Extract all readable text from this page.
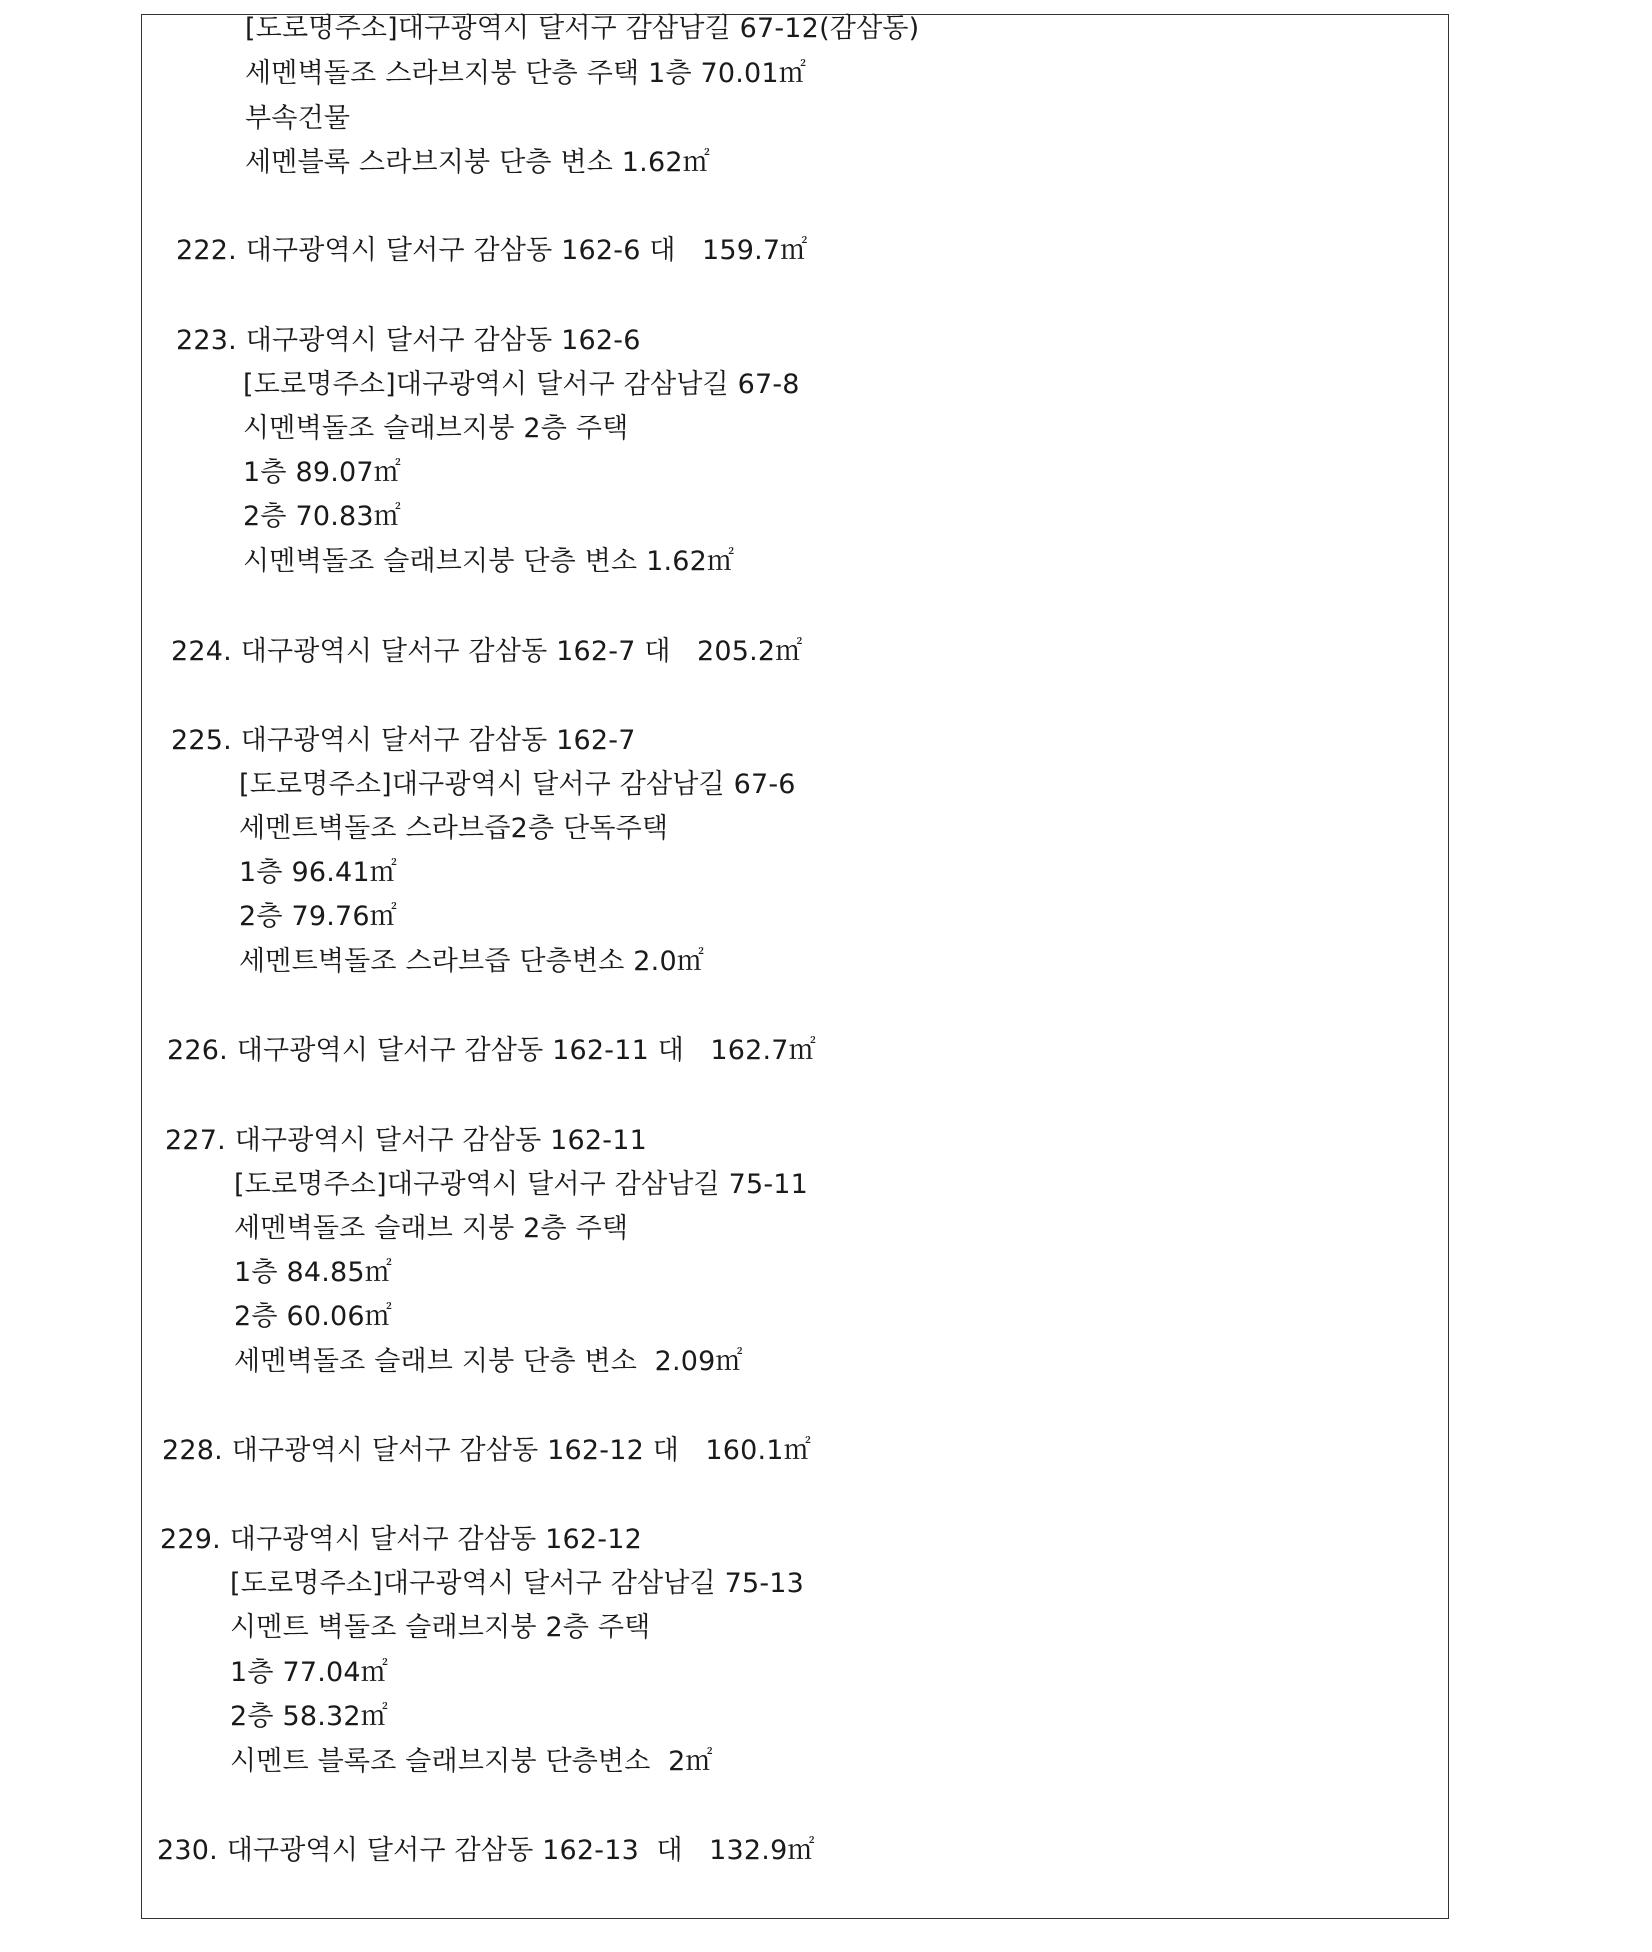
[도로명주소]대구광역시 달서구 감삼남길 67-12(감삼동)
세멘벽돌조 스라브지붕 단층 주택 1층 70.01㎡
부속건물
세멘블록 스라브지붕 단층 변소 1.62㎡
222. 대구광역시 달서구 감삼동 162-6 대   159.7㎡
223. 대구광역시 달서구 감삼동 162-6
[도로명주소]대구광역시 달서구 감삼남길 67-8
시멘벽돌조 슬래브지붕 2층 주택
1층 89.07㎡
2층 70.83㎡
시멘벽돌조 슬래브지붕 단층 변소 1.62㎡
224. 대구광역시 달서구 감삼동 162-7 대   205.2㎡
225. 대구광역시 달서구 감삼동 162-7
[도로명주소]대구광역시 달서구 감삼남길 67-6
세멘트벽돌조 스라브즙2층 단독주택
1층 96.41㎡
2층 79.76㎡
세멘트벽돌조 스라브즙 단층변소 2.0㎡
226. 대구광역시 달서구 감삼동 162-11 대   162.7㎡
227. 대구광역시 달서구 감삼동 162-11
[도로명주소]대구광역시 달서구 감삼남길 75-11
세멘벽돌조 슬래브 지붕 2층 주택
1층 84.85㎡
2층 60.06㎡
세멘벽돌조 슬래브 지붕 단층 변소  2.09㎡
228. 대구광역시 달서구 감삼동 162-12 대   160.1㎡
229. 대구광역시 달서구 감삼동 162-12
[도로명주소]대구광역시 달서구 감삼남길 75-13
시멘트 벽돌조 슬래브지붕 2층 주택
1층 77.04㎡
2층 58.32㎡
시멘트 블록조 슬래브지붕 단층변소  2㎡
230. 대구광역시 달서구 감삼동 162-13  대   132.9㎡
